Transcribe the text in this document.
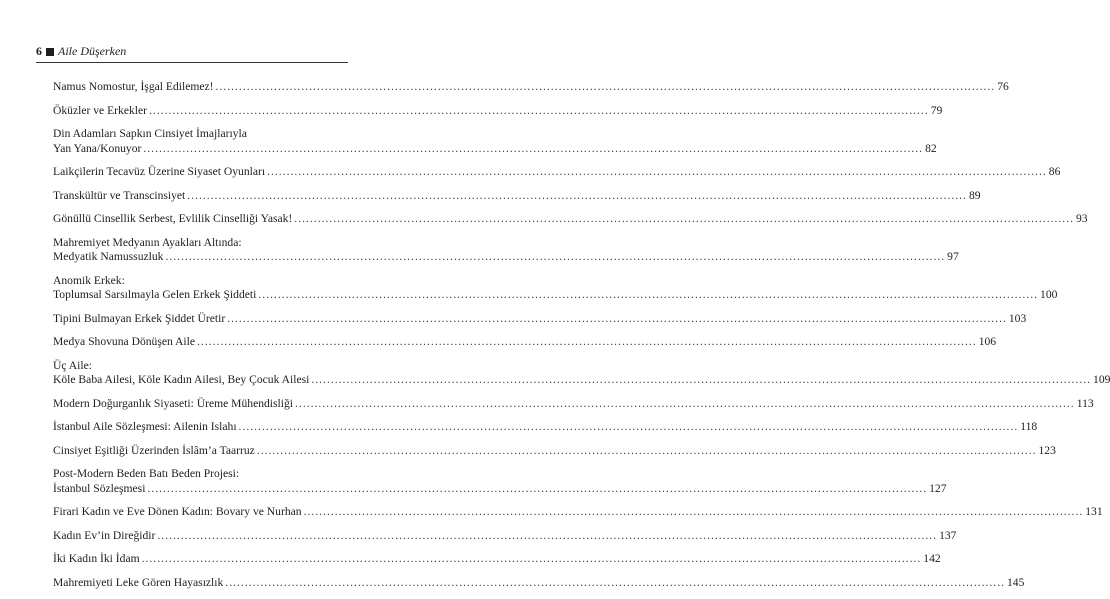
6 Aile Düşerken
Namus Nomostur, İşgal Edilemez! ........................................................................................................................................................................................................ 76
Öküzler ve Erkekler ........................................................................................................................................................................................................ 79
Din Adamları Sapkın Cinsiyet İmajlarıyla
Yan Yana/Konuyor ........................................................................................................................................................................................................ 82
Laikçilerin Tecavüz Üzerine Siyaset Oyunları ........................................................................................................................................................................................................ 86
Transkültür ve Transcinsiyet ........................................................................................................................................................................................................ 89
Gönüllü Cinsellik Serbest, Evlilik Cinselliği Yasak! ........................................................................................................................................................................................................ 93
Mahremiyet Medyanın Ayakları Altında:
Medyatik Namussuzluk ........................................................................................................................................................................................................ 97
Anomik Erkek:
Toplumsal Sarsılmayla Gelen Erkek Şiddeti ........................................................................................................................................................................................................ 100
Tipini Bulmayan Erkek Şiddet Üretir ........................................................................................................................................................................................................ 103
Medya Shovuna Dönüşen Aile ........................................................................................................................................................................................................ 106
Üç Aile:
Köle Baba Ailesi, Köle Kadın Ailesi, Bey Çocuk Ailesi ........................................................................................................................................................................................................ 109
Modern Doğurganlık Siyaseti: Üreme Mühendisliği ........................................................................................................................................................................................................ 113
İstanbul Aile Sözleşmesi: Ailenin Islahı ........................................................................................................................................................................................................ 118
Cinsiyet Eşitliği Üzerinden İslâm’a Taarruz ........................................................................................................................................................................................................ 123
Post-Modern Beden Batı Beden Projesi:
İstanbul Sözleşmesi ........................................................................................................................................................................................................ 127
Firari Kadın ve Eve Dönen Kadın: Bovary ve Nurhan ........................................................................................................................................................................................................ 131
Kadın Ev’in Direğidir ........................................................................................................................................................................................................ 137
İki Kadın İki İdam ........................................................................................................................................................................................................ 142
Mahremiyeti Leke Gören Hayasızlık ........................................................................................................................................................................................................ 145
